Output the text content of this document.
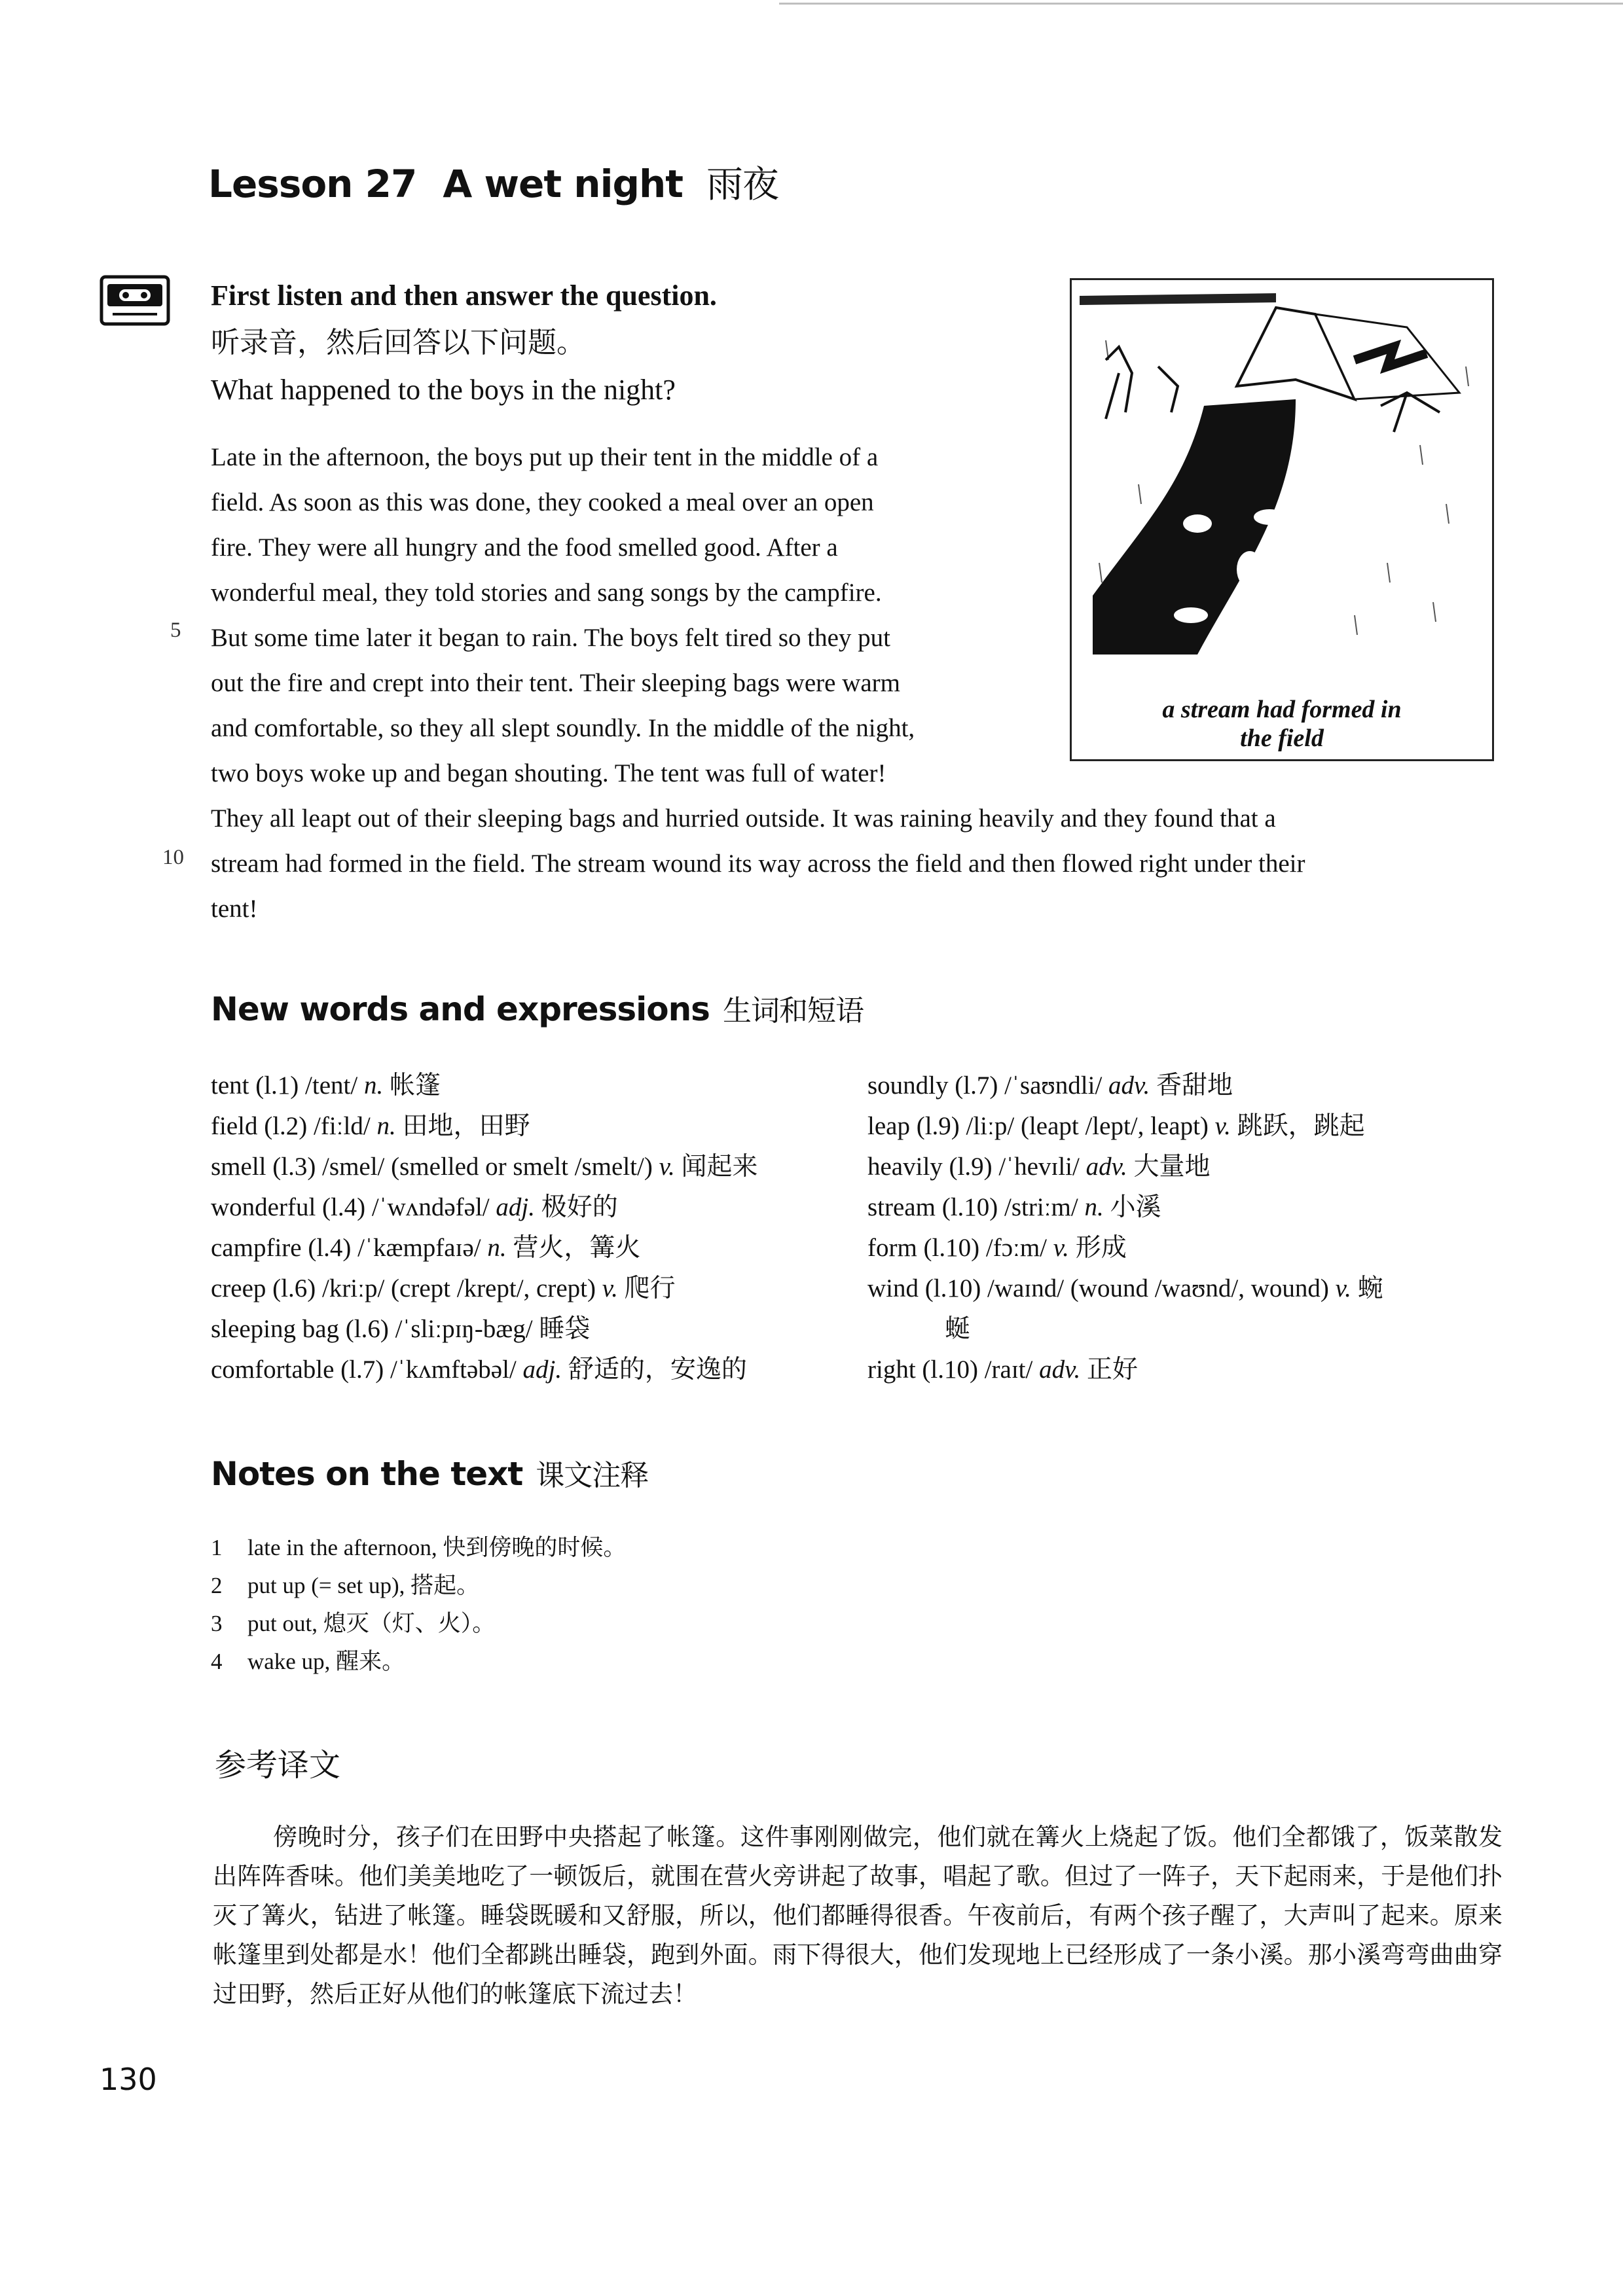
Lesson 27 A wet night 雨夜
First listen and then answer the question.
听录音，然后回答以下问题。
What happened to the boys in the night?
Late in the afternoon, the boys put up their tent in the middle of a
field. As soon as this was done, they cooked a meal over an open
fire. They were all hungry and the food smelled good. After a
wonderful meal, they told stories and sang songs by the campfire.
But some time later it began to rain. The boys felt tired so they put
out the fire and crept into their tent. Their sleeping bags were warm
and comfortable, so they all slept soundly. In the middle of the night,
two boys woke up and began shouting. The tent was full of water!
They all leapt out of their sleeping bags and hurried outside. It was raining heavily and they found that a
stream had formed in the field. The stream wound its way across the field and then flowed right under their
tent!
5
10
a stream had formed in
the field
New words and expressions 生词和短语
tent (l.1) /tent/ n. 帐篷
field (l.2) /fiːld/ n. 田地，田野
smell (l.3) /smel/ (smelled or smelt /smelt/) v. 闻起来
wonderful (l.4) /ˈwʌndəfəl/ adj. 极好的
campfire (l.4) /ˈkæmpfaɪə/ n. 营火，篝火
creep (l.6) /kriːp/ (crept /krept/, crept) v. 爬行
sleeping bag (l.6) /ˈsliːpɪŋ-bæg/ 睡袋
comfortable (l.7) /ˈkʌmftəbəl/ adj. 舒适的，安逸的
soundly (l.7) /ˈsaʊndli/ adv. 香甜地
leap (l.9) /liːp/ (leapt /lept/, leapt) v. 跳跃，跳起
heavily (l.9) /ˈhevɪli/ adv. 大量地
stream (l.10) /striːm/ n. 小溪
form (l.10) /fɔːm/ v. 形成
wind (l.10) /waɪnd/ (wound /waʊnd/, wound) v. 蜿
蜒
right (l.10) /raɪt/ adv. 正好
Notes on the text 课文注释
1 late in the afternoon, 快到傍晚的时候。
2 put up (= set up), 搭起。
3 put out, 熄灭（灯、火）。
4 wake up, 醒来。
参考译文
傍晚时分，孩子们在田野中央搭起了帐篷。这件事刚刚做完，他们就在篝火上烧起了饭。他们全都饿了，饭菜散发出阵阵香味。他们美美地吃了一顿饭后，就围在营火旁讲起了故事，唱起了歌。但过了一阵子，天下起雨来，于是他们扑灭了篝火，钻进了帐篷。睡袋既暖和又舒服，所以，他们都睡得很香。午夜前后，有两个孩子醒了，大声叫了起来。原来帐篷里到处都是水！他们全都跳出睡袋，跑到外面。雨下得很大，他们发现地上已经形成了一条小溪。那小溪弯弯曲曲穿过田野，然后正好从他们的帐篷底下流过去！
130
